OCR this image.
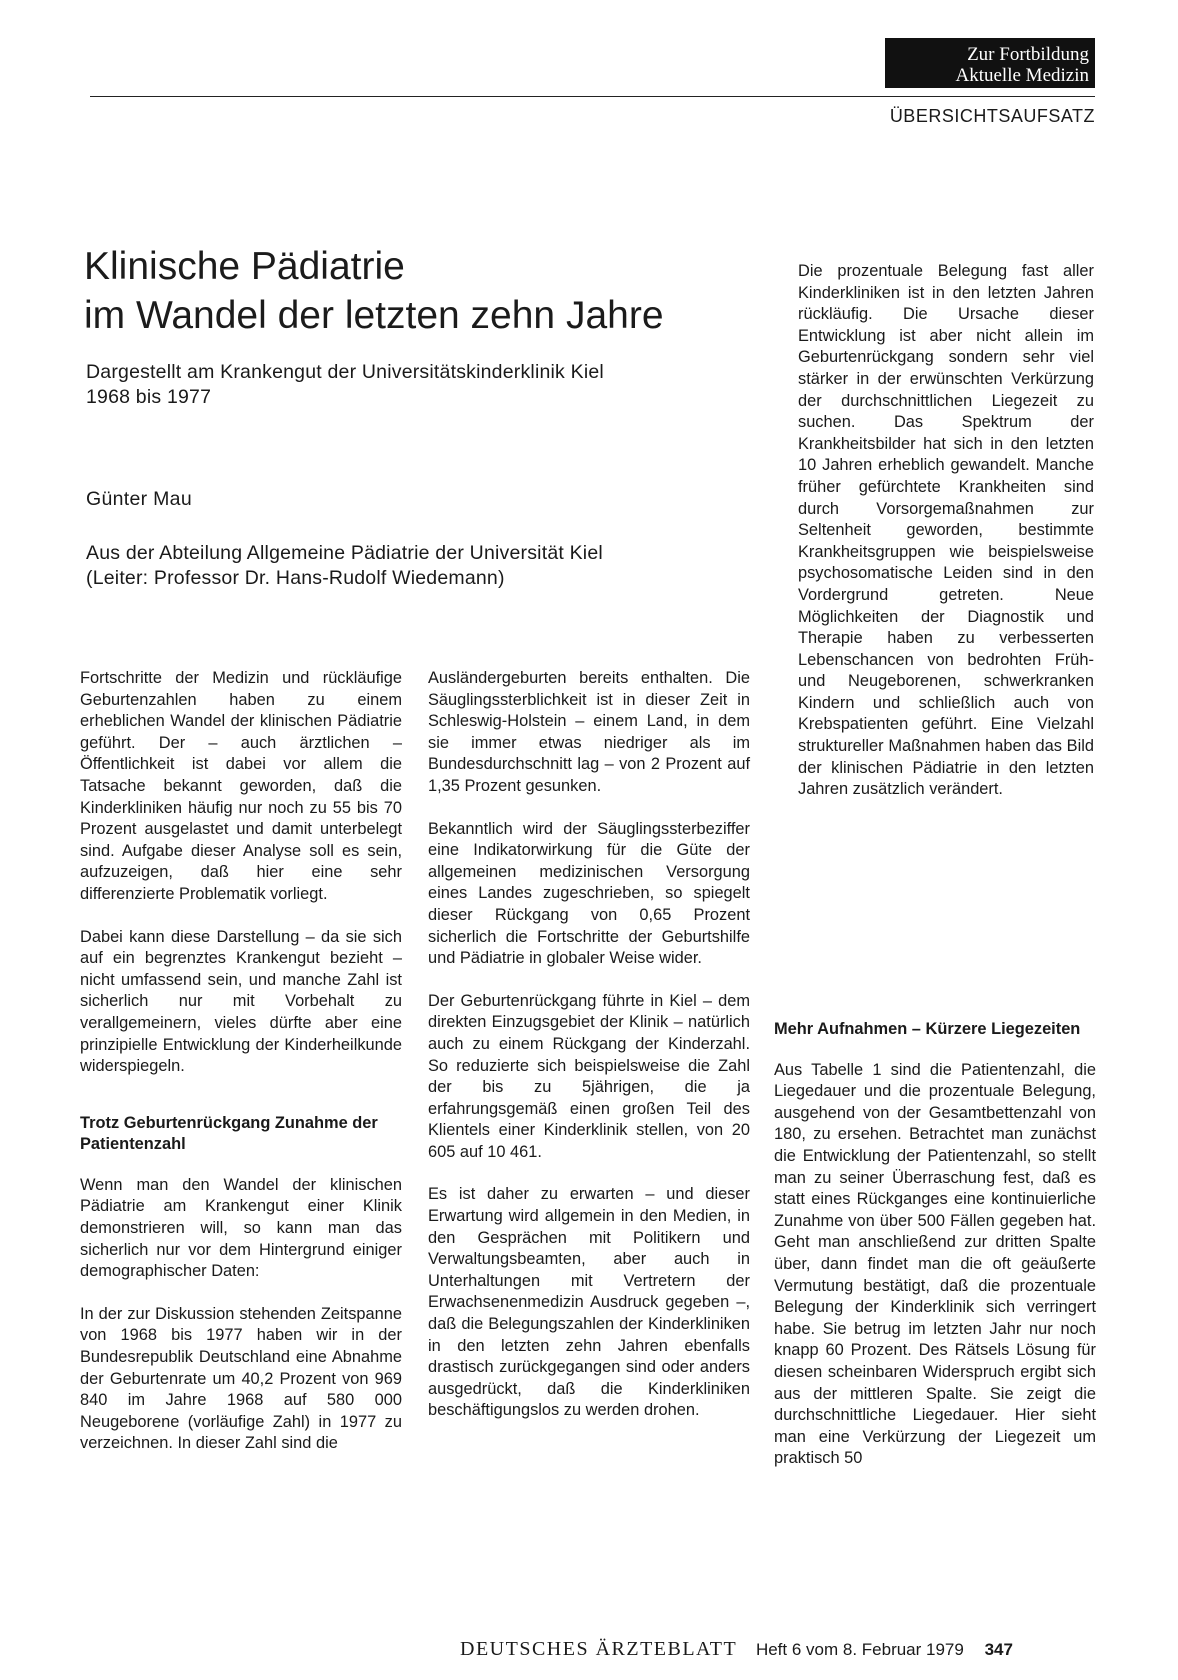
Zur Fortbildung
Aktuelle Medizin
ÜBERSICHTSAUFSATZ
Klinische Pädiatrie
im Wandel der letzten zehn Jahre
Dargestellt am Krankengut der Universitätskinderklinik Kiel
1968 bis 1977
Günter Mau
Aus der Abteilung Allgemeine Pädiatrie der Universität Kiel
(Leiter: Professor Dr. Hans-Rudolf Wiedemann)

Fortschritte der Medizin und rückläufige Geburtenzahlen haben zu einem erheblichen Wandel der klinischen Pädiatrie geführt. Der – auch ärztlichen – Öffentlichkeit ist dabei vor allem die Tatsache bekannt geworden, daß die Kinderkliniken häufig nur noch zu 55 bis 70 Prozent ausgelastet und damit unterbelegt sind. Aufgabe dieser Analyse soll es sein, aufzuzeigen, daß hier eine sehr differenzierte Problematik vorliegt.

Dabei kann diese Darstellung – da sie sich auf ein begrenztes Krankengut bezieht – nicht umfassend sein, und manche Zahl ist sicherlich nur mit Vorbehalt zu verallgemeinern, vieles dürfte aber eine prinzipielle Entwicklung der Kinderheilkunde widerspiegeln.

Trotz Geburtenrückgang Zunahme der Patientenzahl

Wenn man den Wandel der klinischen Pädiatrie am Krankengut einer Klinik demonstrieren will, so kann man das sicherlich nur vor dem Hintergrund einiger demographischer Daten:

In der zur Diskussion stehenden Zeitspanne von 1968 bis 1977 haben wir in der Bundesrepublik Deutschland eine Abnahme der Geburtenrate um 40,2 Prozent von 969 840 im Jahre 1968 auf 580 000 Neugeborene (vorläufige Zahl) in 1977 zu verzeichnen. In dieser Zahl sind die

Ausländergeburten bereits enthalten. Die Säuglingssterblichkeit ist in dieser Zeit in Schleswig-Holstein – einem Land, in dem sie immer etwas niedriger als im Bundesdurchschnitt lag – von 2 Prozent auf 1,35 Prozent gesunken.

Bekanntlich wird der Säuglingssterbeziffer eine Indikatorwirkung für die Güte der allgemeinen medizinischen Versorgung eines Landes zugeschrieben, so spiegelt dieser Rückgang von 0,65 Prozent sicherlich die Fortschritte der Geburtshilfe und Pädiatrie in globaler Weise wider.

Der Geburtenrückgang führte in Kiel – dem direkten Einzugsgebiet der Klinik – natürlich auch zu einem Rückgang der Kinderzahl. So reduzierte sich beispielsweise die Zahl der bis zu 5jährigen, die ja erfahrungsgemäß einen großen Teil des Klientels einer Kinderklinik stellen, von 20 605 auf 10 461.

Es ist daher zu erwarten – und dieser Erwartung wird allgemein in den Medien, in den Gesprächen mit Politikern und Verwaltungsbeamten, aber auch in Unterhaltungen mit Vertretern der Erwachsenenmedizin Ausdruck gegeben –, daß die Belegungszahlen der Kinderkliniken in den letzten zehn Jahren ebenfalls drastisch zurückgegangen sind oder anders ausgedrückt, daß die Kinderkliniken beschäftigungslos zu werden drohen.

Die prozentuale Belegung fast aller Kinderkliniken ist in den letzten Jahren rückläufig. Die Ursache dieser Entwicklung ist aber nicht allein im Geburtenrückgang sondern sehr viel stärker in der erwünschten Verkürzung der durchschnittlichen Liegezeit zu suchen. Das Spektrum der Krankheitsbilder hat sich in den letzten 10 Jahren erheblich gewandelt. Manche früher gefürchtete Krankheiten sind durch Vorsorgemaßnahmen zur Seltenheit geworden, bestimmte Krankheitsgruppen wie beispielsweise psychosomatische Leiden sind in den Vordergrund getreten. Neue Möglichkeiten der Diagnostik und Therapie haben zu verbesserten Lebenschancen von bedrohten Früh- und Neugeborenen, schwerkranken Kindern und schließlich auch von Krebspatienten geführt. Eine Vielzahl struktureller Maßnahmen haben das Bild der klinischen Pädiatrie in den letzten Jahren zusätzlich verändert.

Mehr Aufnahmen – Kürzere Liegezeiten

Aus Tabelle 1 sind die Patientenzahl, die Liegedauer und die prozentuale Belegung, ausgehend von der Gesamtbettenzahl von 180, zu ersehen. Betrachtet man zunächst die Entwicklung der Patientenzahl, so stellt man zu seiner Überraschung fest, daß es statt eines Rückganges eine kontinuierliche Zunahme von über 500 Fällen gegeben hat. Geht man anschließend zur dritten Spalte über, dann findet man die oft geäußerte Vermutung bestätigt, daß die prozentuale Belegung der Kinderklinik sich verringert habe. Sie betrug im letzten Jahr nur noch knapp 60 Prozent. Des Rätsels Lösung für diesen scheinbaren Widerspruch ergibt sich aus der mittleren Spalte. Sie zeigt die durchschnittliche Liegedauer. Hier sieht man eine Verkürzung der Liegezeit um praktisch 50

DEUTSCHES ÄRZTEBLATT Heft 6 vom 8. Februar 1979 347
